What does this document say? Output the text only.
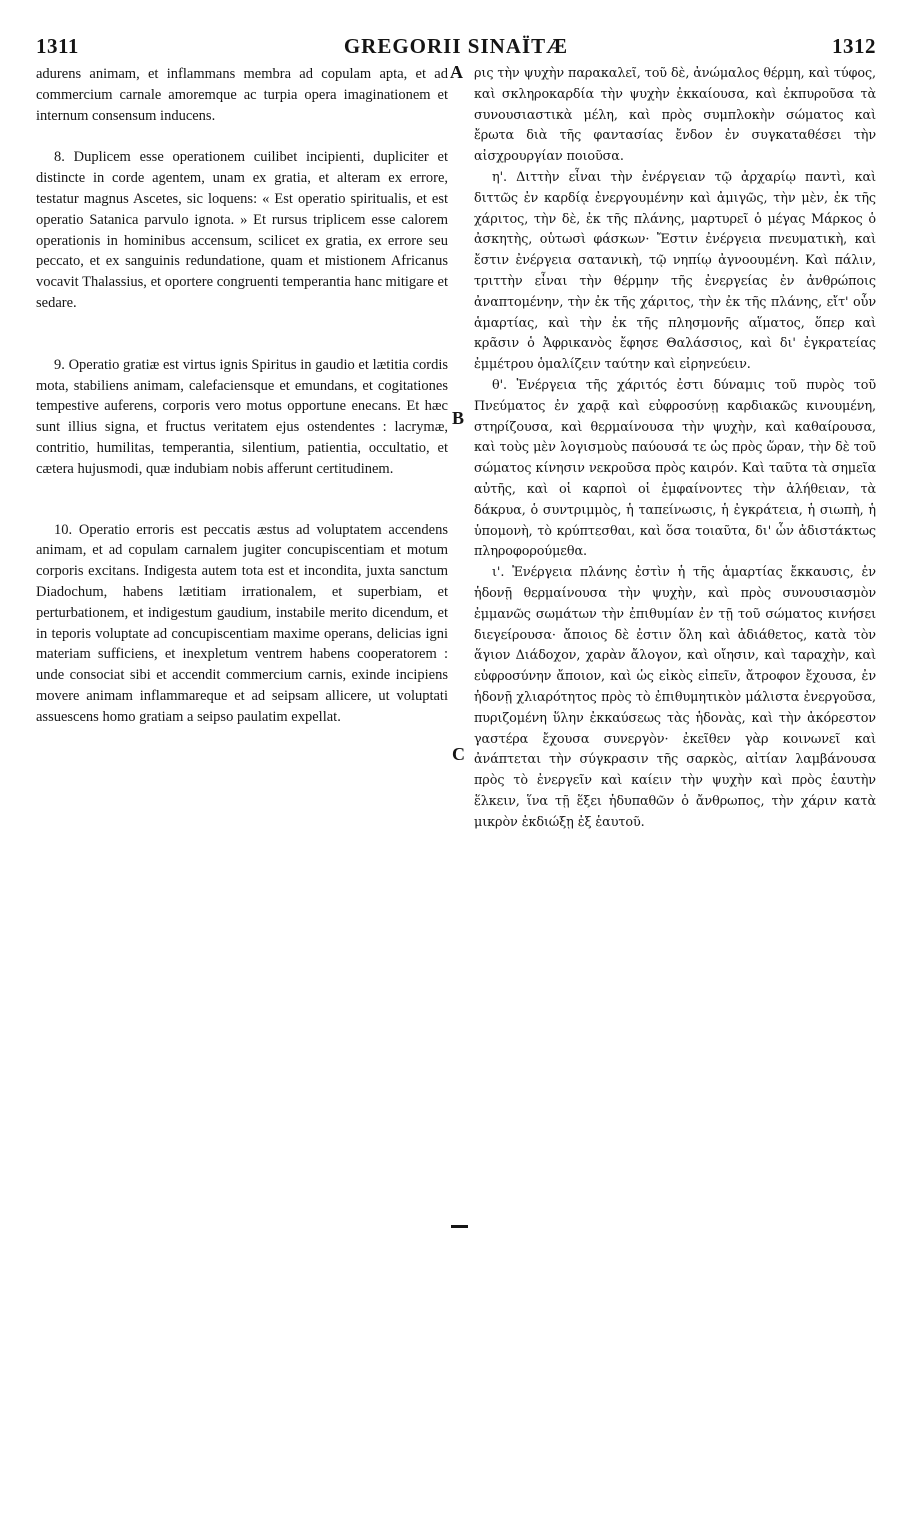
1311	GREGORII SINAÏTÆ	1312

adurens animam, et inflammans membra ad copulam apta, et ad commercium carnale amoremque ac turpia opera imaginationem et internum consensum inducens.

8. Duplicem esse operationem cuilibet incipienti, dupliciter et distincte in corde agentem, unam ex gratia, et alteram ex errore, testatur magnus Ascetes, sic loquens: « Est operatio spiritualis, et est operatio Satanica parvulo ignota. » Et rursus triplicem esse calorem operationis in hominibus accensum, scilicet ex gratia, ex errore seu peccato, et ex sanguinis redundatione, quam et mistionem Africanus vocavit Thalassius, et oportere congruenti temperantia hanc mitigare et sedare.

9. Operatio gratiæ est virtus ignis Spiritus in gaudio et lætitia cordis mota, stabiliens animam, calefaciensque et emundans, et cogitationes tempestive auferens, corporis vero motus opportune enecans. Et hæc sunt illius signa, et fructus veritatem ejus ostendentes : lacrymæ, contritio, humilitas, temperantia, silentium, patientia, occultatio, et cætera hujusmodi, quæ indubiam nobis afferunt certitudinem.

10. Operatio erroris est peccatis æstus ad voluptatem accendens animam, et ad copulam carnalem jugiter concupiscentiam et motum corporis excitans. Indigesta autem tota est et incondita, juxta sanctum Diadochum, habens lætitiam irrationalem, et superbiam, et perturbationem, et indigestum gaudium, instabile merito dicendum, et in teporis voluptate ad concupiscentiam maxime operans, delicias igni materiam sufficiens, et inexpletum ventrem habens cooperatorem : unde consociat sibi et accendit commercium carnis, exinde incipiens movere animam inflammareque et ad seipsam allicere, ut voluptati assuescens homo gratiam a seipso paulatim expellat.

A
B
C

ρις τὴν ψυχὴν παρακαλεῖ, τοῦ δὲ, ἀνώμαλος θέρμη, καὶ τύφος, καὶ σκληροκαρδία τὴν ψυχὴν ἐκκαίουσα, καὶ ἐκπυροῦσα τὰ συνουσιαστικὰ μέλη, καὶ πρὸς συμπλοκὴν σώματος καὶ ἔρωτα διὰ τῆς φαντασίας ἔνδον ἐν συγκαταθέσει τὴν αἰσχρουργίαν ποιοῦσα.

η'. Διττὴν εἶναι τὴν ἐνέργειαν τῷ ἀρχαρίῳ παντὶ, καὶ διττῶς ἐν καρδίᾳ ἐνεργουμένην καὶ ἀμιγῶς, τὴν μὲν, ἐκ τῆς χάριτος, τὴν δὲ, ἐκ τῆς πλάνης, μαρτυρεῖ ὁ μέγας Μάρκος ὁ ἀσκητὴς, οὑτωσὶ φάσκων· Ἔστιν ἐνέργεια πνευματικὴ, καὶ ἔστιν ἐνέργεια σατανικὴ, τῷ νηπίῳ ἀγνοουμένη. Καὶ πάλιν, τριττὴν εἶναι τὴν θέρμην τῆς ἐνεργείας ἐν ἀνθρώποις ἀναπτομένην, τὴν ἐκ τῆς χάριτος, τὴν ἐκ τῆς πλάνης, εἴτ' οὖν ἁμαρτίας, καὶ τὴν ἐκ τῆς πλησμονῆς αἵματος, ὅπερ καὶ κρᾶσιν ὁ Ἀφρικανὸς ἔφησε Θαλάσσιος, καὶ δι' ἐγκρατείας ἐμμέτρου ὁμαλίζειν ταύτην καὶ εἰρηνεύειν.

θ'. Ἐνέργεια τῆς χάριτός ἐστι δύναμις τοῦ πυρὸς τοῦ Πνεύματος ἐν χαρᾷ καὶ εὐφροσύνῃ καρδιακῶς κινουμένη, στηρίζουσα, καὶ θερμαίνουσα τὴν ψυχὴν, καὶ καθαίρουσα, καὶ τοὺς μὲν λογισμοὺς παύουσά τε ὡς πρὸς ὥραν, τὴν δὲ τοῦ σώματος κίνησιν νεκροῦσα πρὸς καιρόν. Καὶ ταῦτα τὰ σημεῖα αὐτῆς, καὶ οἱ καρποὶ οἱ ἐμφαίνοντες τὴν ἀλήθειαν, τὰ δάκρυα, ὁ συντριμμὸς, ἡ ταπείνωσις, ἡ ἐγκράτεια, ἡ σιωπὴ, ἡ ὑπομονὴ, τὸ κρύπτεσθαι, καὶ ὅσα τοιαῦτα, δι' ὧν ἀδιστάκτως πληροφορούμεθα.

ι'. Ἐνέργεια πλάνης ἐστὶν ἡ τῆς ἁμαρτίας ἔκκαυσις, ἐν ἡδονῇ θερμαίνουσα τὴν ψυχὴν, καὶ πρὸς συνουσιασμὸν ἐμμανῶς σωμάτων τὴν ἐπιθυμίαν ἐν τῇ τοῦ σώματος κινήσει διεγείρουσα· ἄποιος δὲ ἐστιν ὅλη καὶ ἀδιάθετος, κατὰ τὸν ἅγιον Διάδοχον, χαρὰν ἄλογον, καὶ οἴησιν, καὶ ταραχὴν, καὶ εὐφροσύνην ἄποιον, καὶ ὡς εἰκὸς εἰπεῖν, ἄτροφον ἔχουσα, ἐν ἡδονῇ χλιαρότητος πρὸς τὸ ἐπιθυμητικὸν μάλιστα ἐνεργοῦσα, πυριζομένη ὕλην ἐκκαύσεως τὰς ἡδονὰς, καὶ τὴν ἀκόρεστον γαστέρα ἔχουσα συνεργὸν· ἐκεῖθεν γὰρ κοινωνεῖ καὶ ἀνάπτεται τὴν σύγκρασιν τῆς σαρκὸς, αἰτίαν λαμβάνουσα πρὸς τὸ ἐνεργεῖν καὶ καίειν τὴν ψυχὴν καὶ πρὸς ἑαυτὴν ἕλκειν, ἵνα τῇ ἕξει ἡδυπαθῶν ὁ ἄνθρωπος, τὴν χάριν κατὰ μικρὸν ἐκδιώξῃ ἐξ ἑαυτοῦ.
